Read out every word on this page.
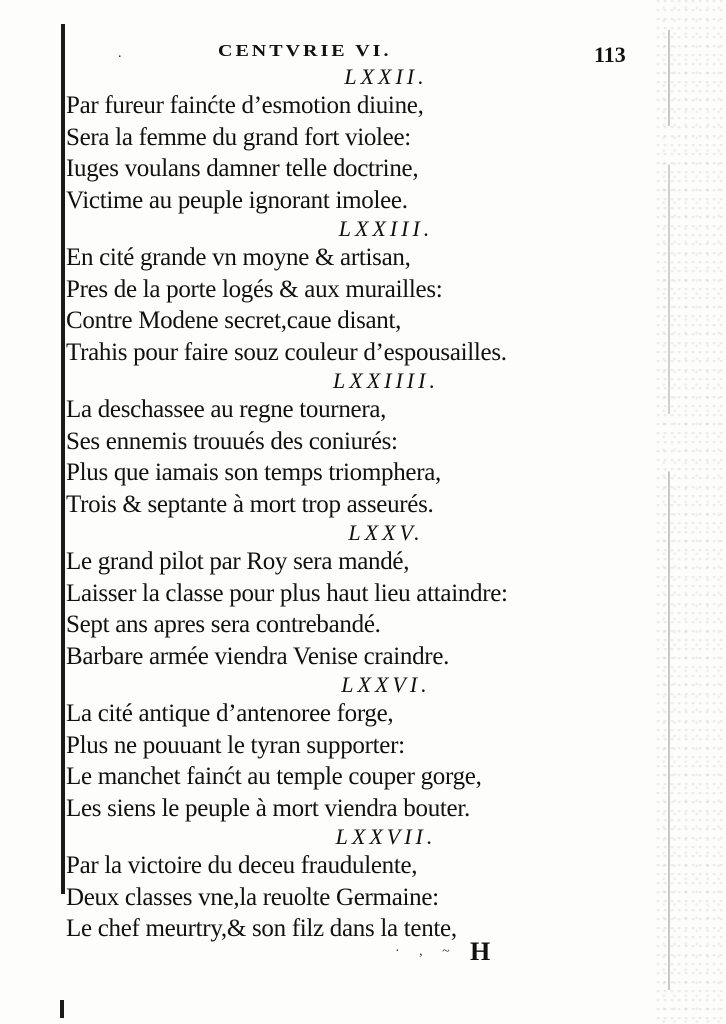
.	CENTVRIE VI.	113
LXXII.
Par fureur fainćte d’esmotion diuine,
Sera la femme du grand fort violee:
Iuges voulans damner telle doctrine,
Victime au peuple ignorant imolee.
LXXIII.
En cité grande vn moyne & artisan,
Pres de la porte logés & aux murailles:
Contre Modene secret,caue disant,
Trahis pour faire souz couleur d’espousailles.
LXXIIII.
La deschassee au regne tournera,
Ses ennemis trouués des coniurés:
Plus que iamais son temps triomphera,
Trois & septante à mort trop asseurés.
LXXV.
Le grand pilot par Roy sera mandé,
Laisser la classe pour plus haut lieu attaindre:
Sept ans apres sera contrebandé.
Barbare armée viendra Venise craindre.
LXXVI.
La cité antique d’antenoree forge,
Plus ne pouuant le tyran supporter:
Le manchet fainćt au temple couper gorge,
Les siens le peuple à mort viendra bouter.
LXXVII.
Par la victoire du deceu fraudulente,
Deux classes vne,la reuolte Germaine:
Le chef meurtry,& son filz dans la tente,
· , ~ H
